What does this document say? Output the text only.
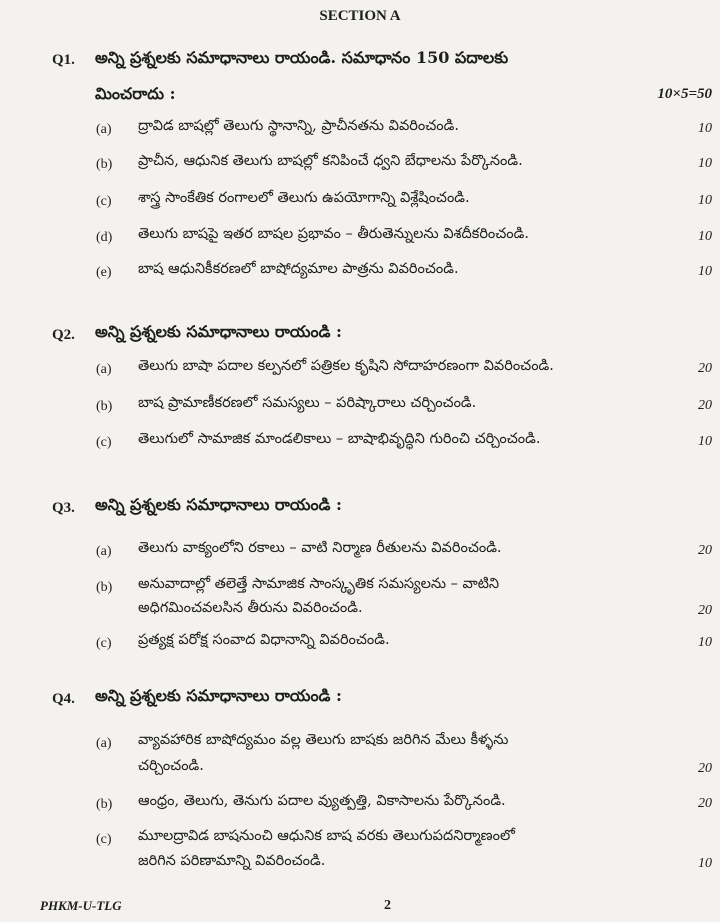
SECTION A
Q1. అన్ని ప్రశ్నలకు సమాధానాలు రాయండి. సమాధానం 150 పదాలకు
మించరాదు :	10×5=50
(a) ద్రావిడ బాషల్లో తెలుగు స్థానాన్ని, ప్రాచీనతను వివరించండి.	10
(b) ప్రాచీన, ఆధునిక తెలుగు బాషల్లో కనిపించే ధ్వని బేధాలను పేర్కొనండి.	10
(c) శాస్త్ర సాంకేతిక రంగాలలో తెలుగు ఉపయోగాన్ని విశ్లేషించండి.	10
(d) తెలుగు బాషపై ఇతర బాషల ప్రభావం – తీరుతెన్నులను విశదీకరించండి.	10
(e) బాష ఆధునికీకరణలో బాషోద్యమాల పాత్రను వివరించండి.	10
Q2. అన్ని ప్రశ్నలకు సమాధానాలు రాయండి :
(a) తెలుగు బాషా పదాల కల్పనలో పత్రికల కృషిని సోదాహరణంగా వివరించండి.	20
(b) బాష ప్రామాణీకరణలో సమస్యలు – పరిష్కారాలు చర్చించండి.	20
(c) తెలుగులో సామాజిక మాండలికాలు – బాషాభివృద్ధిని గురించి చర్చించండి.	10
Q3. అన్ని ప్రశ్నలకు సమాధానాలు రాయండి :
(a) తెలుగు వాక్యంలోని రకాలు – వాటి నిర్మాణ రీతులను వివరించండి.	20
(b) అనువాదాల్లో తలెత్తే సామాజిక సాంస్కృతిక సమస్యలను – వాటిని
అధిగమించవలసిన తీరును వివరించండి.	20
(c) ప్రత్యక్ష పరోక్ష సంవాద విధానాన్ని వివరించండి.	10
Q4. అన్ని ప్రశ్నలకు సమాధానాలు రాయండి :
(a) వ్యావహారిక బాషోద్యమం వల్ల తెలుగు బాషకు జరిగిన మేలు కీళ్ళను
చర్చించండి.	20
(b) ఆంధ్రం, తెలుగు, తెనుగు పదాల వ్యుత్పత్తి, వికాసాలను పేర్కొనండి.	20
(c) మూలద్రావిడ బాషనుంచి ఆధునిక బాష వరకు తెలుగుపదనిర్మాణంలో
జరిగిన పరిణామాన్ని వివరించండి.	10
PHKM-U-TLG	2
